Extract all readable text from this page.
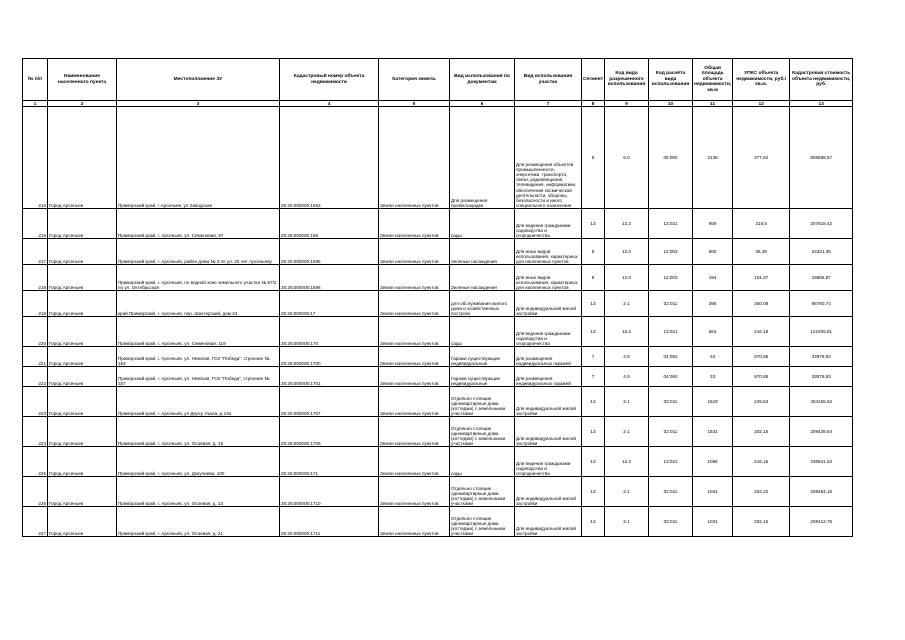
№ п/п	Наименование населенного пункта	Местоположение ЗУ	Кадастровый номер объекта недвижимости	Категория земель	Вид использования по документам	Вид использования участка	Сегмент	Код вида разрешенного использования	Код расчёта вида использования	Общая площадь объекта недвижимости, кв.м	УПКС объекта недвижимости, руб./кв.м.	Кадастровая стоимость объекта недвижимости, руб.
1	2	3	4	5	6	7	8	9	10	11	12	13
215	Город Арсеньев	Приморский край, г Арсеньев, ул Заводская	25:26:000000:1683	Земли населенных пунктов	Для размещения промплощадки	Для размещения объектов промышленности, энергетики, транспорта, связи, радиовещания, телевидения, информатики, обеспечения космической деятельности, обороны, безопасности и иного специального назначения	6	6.0	06:000	2136	377,62	806589,57
216	Город Арсеньев	Приморский край, г. Арсеньев, ул. Семеновая, 97	25:26:000000:169	Земли населенных пунктов	сады	Для ведения гражданами садоводства и огородничества	13	13.2	13:021	959	216,5	207618,42
217	Город Арсеньев	Приморский край, г. Арсеньев, район дома № 3 по ул. 25 лет Арсеньеву	25:26:000000:1695	Земли населенных пунктов	Зеленые насаждения	Для иных видов использования, характерных для населенных пунктов	9	12.0	12:003	660	35,35	23331,35
218	Город Арсеньев	Приморский край, г. Арсеньев, по водной зоне земельного участка № 87/2 по ул. Октябрьская	25:26:000000:1696	Земли населенных пунктов	Зеленые насаждения	Для иных видов использования, характерных для населенных пунктов	9	12.0	12:003	194	101,37	19665,87
219	Город Арсеньев	край Приморский, г. Арсеньев, пер. Шахтерский, дом 24	25:26:000000:17	Земли населенных пунктов	для обслуживания жилого дома и хозяйственных построек	Для индивидуальной жилой застройки	13	2.1	02:011	395	250,08	98780,74
220	Город Арсеньев	Приморский край, г. Арсеньев, ул. Семеновая, 119	25:26:000000:170	Земли населенных пунктов	сады	Для ведения гражданами садоводства и огородничества	13	13.2	13:021	564	216,18	121925,91
221	Город Арсеньев	Приморский край, г. Арсеньев, ул. Невская, ГСК "Победа", строение № 154	25:26:000000:1700	Земли населенных пунктов	Гаражи существующие индивидуальные	Для размещения индивидуальных гаражей	7	4.9	04:092	33	970,86	33879,93
222	Город Арсеньев	Приморский край, г. Арсеньев, ул. Невская, ГСК "Победа", строение № 157	25:26:000000:1701	Земли населенных пунктов	Гаражи существующие индивидуальные	Для размещения индивидуальных гаражей	7	4.9	04:092	33	970,86	33879,93
223	Город Арсеньев	Приморский край, г. Арсеньев, ул Дерсу Узала, д 13а	25:26:000000:1707	Земли населенных пунктов	Отдельно стоящие одноквартирные дома (коттеджи) с земельными участками	Для индивидуальной жилой застройки	13	2.1	02:011	1619	249,63	404156,62
224	Город Арсеньев	Приморский край, г. Арсеньев, ул. Осоевая, д. 19	25:26:000000:1709	Земли населенных пунктов	Отдельно стоящие одноквартирные дома (коттеджи) с земельными участками	Для индивидуальной жилой застройки	13	2.1	02:011	1531	202,15	209439,64
225	Город Арсеньев	Приморский край, г. Арсеньев, ул. Докучаева, 100	25:26:000000:171	Земли населенных пунктов	сады	Для ведения гражданами садоводства и огородничества	13	13.2	13:021	1096	216,15	236941,54
226	Город Арсеньев	Приморский край, г. Арсеньев, ул. Осоевая, д. 13	25:26:000000:1710	Земли населенных пунктов	Отдельно стоящие одноквартирные дома (коттеджи) с земельными участками	Для индивидуальной жилой застройки	13	2.1	02:011	1031	202,22	208484,15
227	Город Арсеньев	Приморский край, г. Арсеньев, ул. Осоевая, д. 21	25:26:000000:1711	Земли населенных пунктов	Отдельно стоящие одноквартирные дома (коттеджи) с земельными участками	Для индивидуальной жилой застройки	13	2.1	02:011	1031	202,15	208412,76
